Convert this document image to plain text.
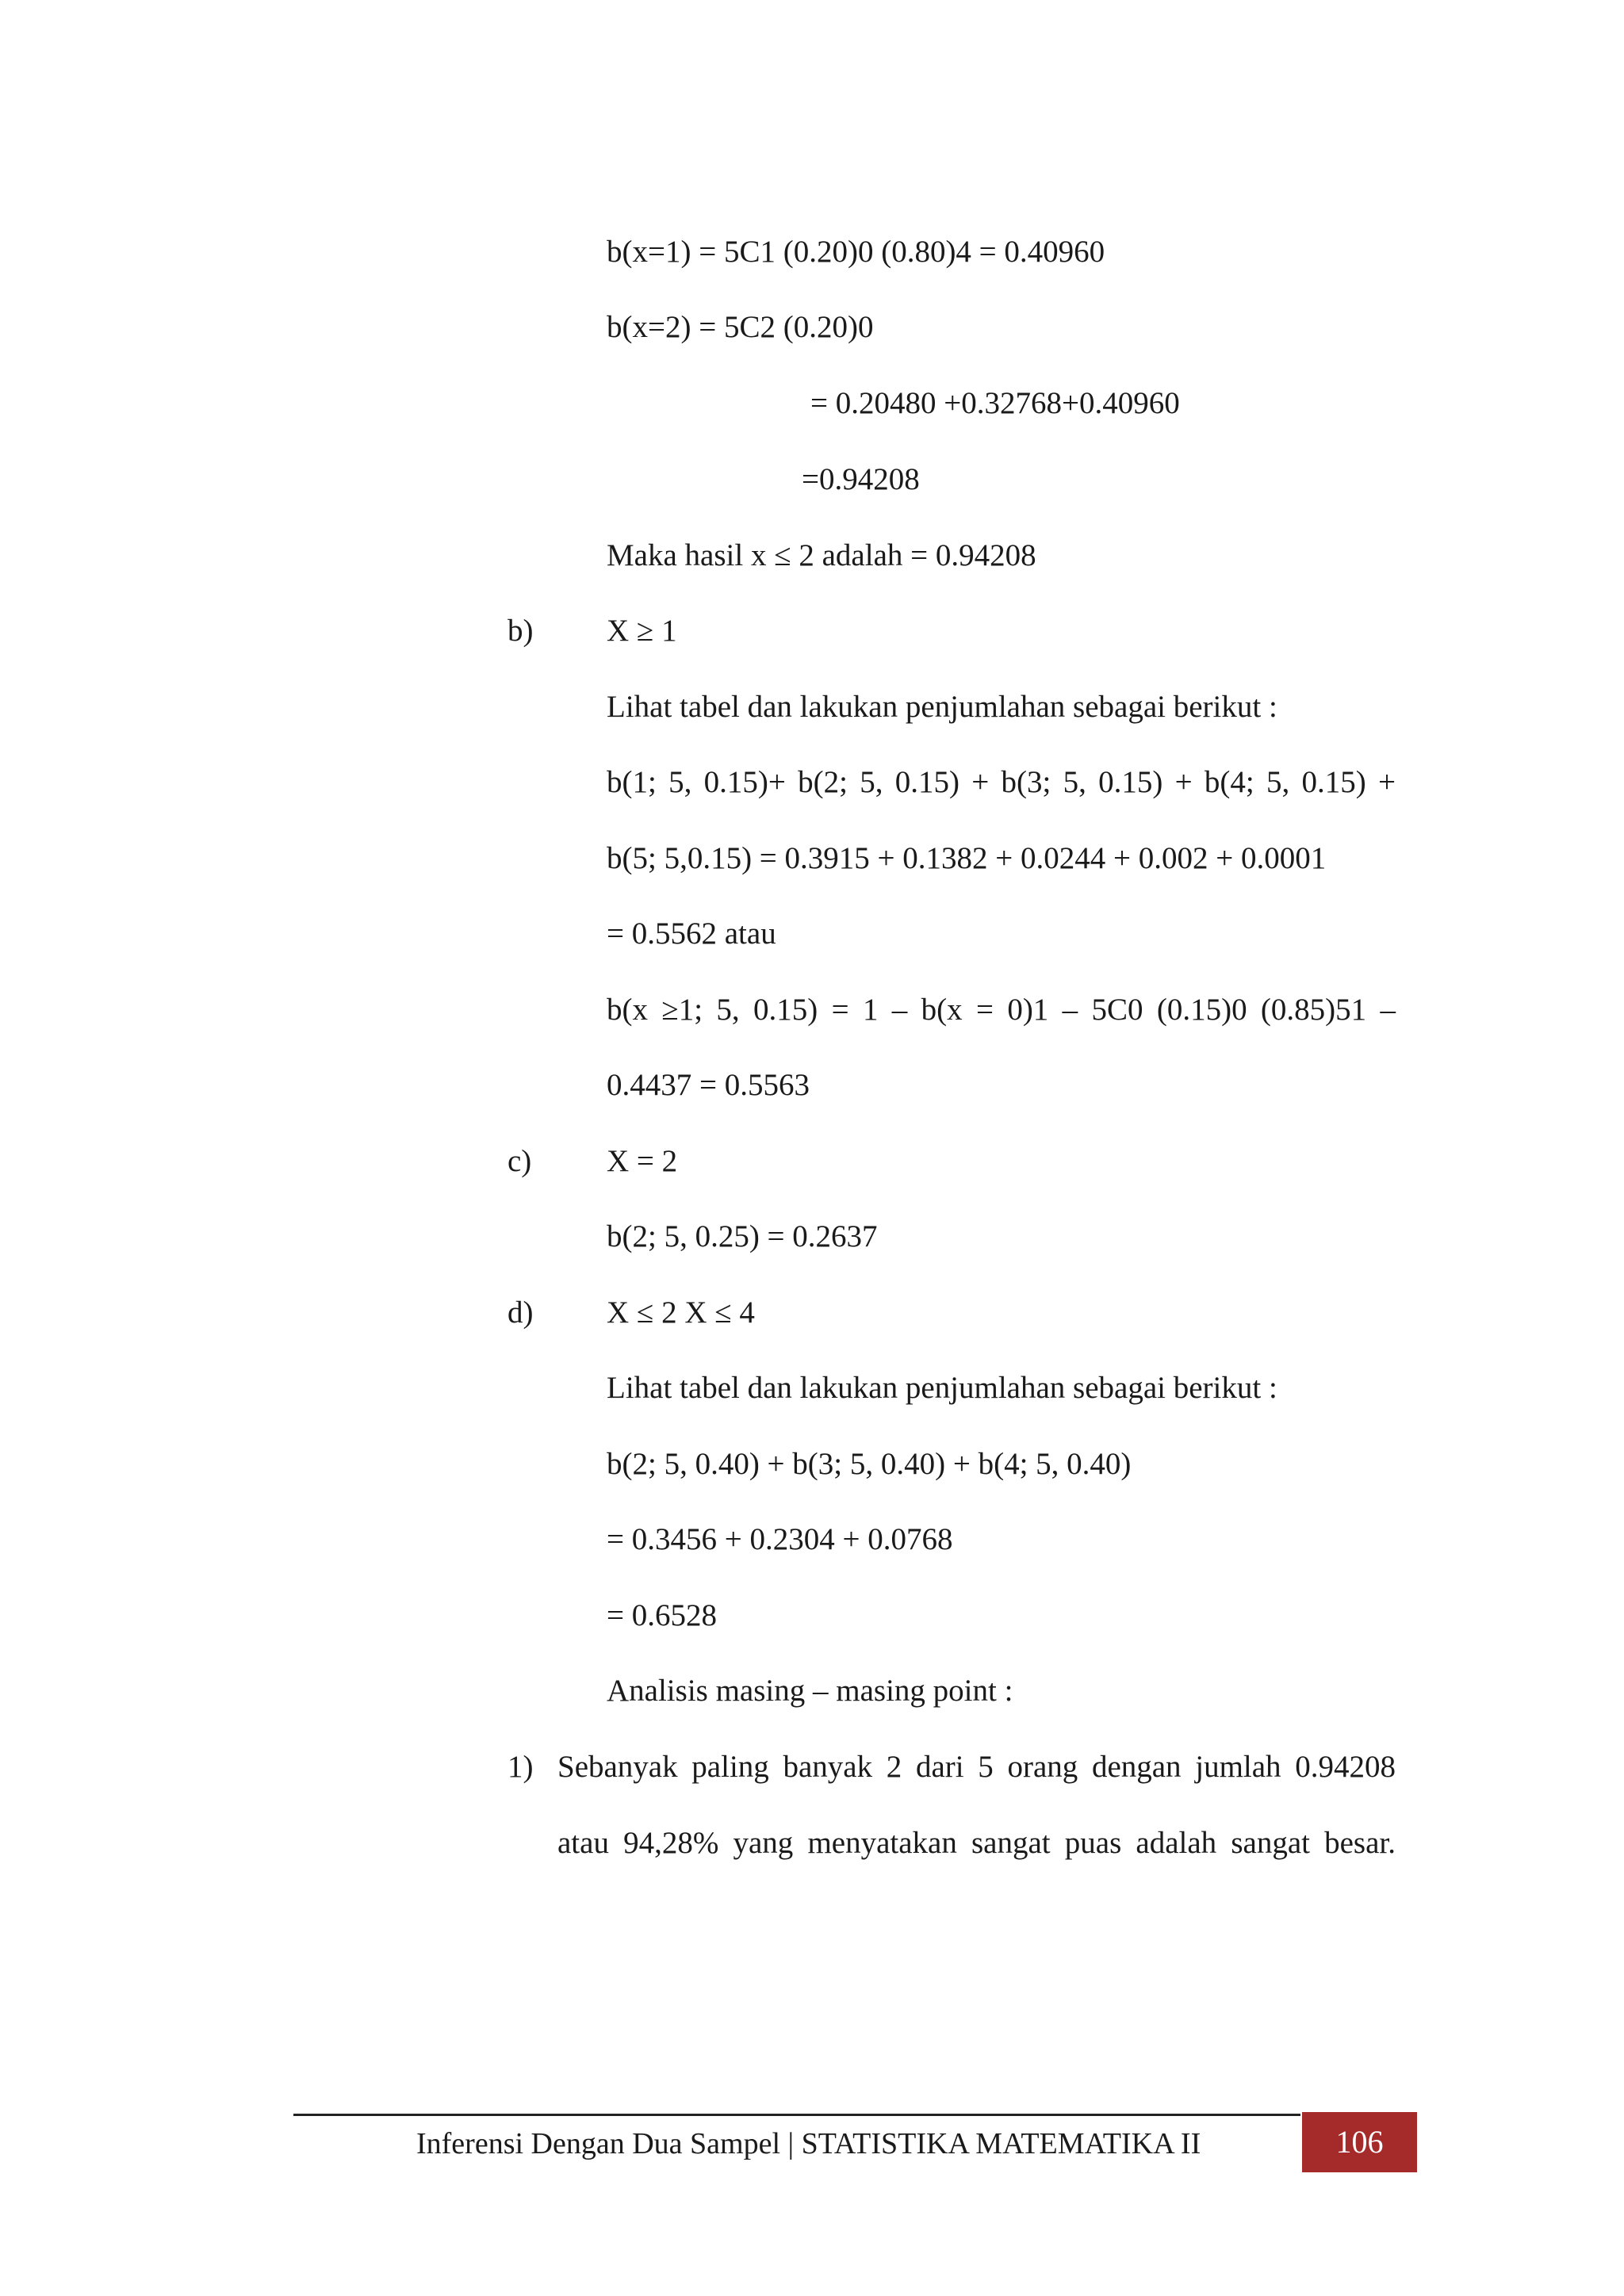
b(x=1) = 5C1 (0.20)0 (0.80)4 = 0.40960
b(x=2) = 5C2 (0.20)0
= 0.20480 +0.32768+0.40960
=0.94208
Maka hasil x ≤ 2 adalah = 0.94208
b) X ≥ 1
Lihat tabel dan lakukan penjumlahan sebagai berikut :
b(1; 5, 0.15)+ b(2; 5, 0.15) + b(3; 5, 0.15) + b(4; 5, 0.15) +
b(5; 5,0.15) = 0.3915 + 0.1382 + 0.0244 + 0.002 + 0.0001
= 0.5562 atau
b(x ≥1; 5, 0.15) = 1 – b(x = 0)1 – 5C0 (0.15)0 (0.85)51 –
0.4437 = 0.5563
c) X = 2
b(2; 5, 0.25) = 0.2637
d) X ≤ 2 X ≤ 4
Lihat tabel dan lakukan penjumlahan sebagai berikut :
b(2; 5, 0.40) + b(3; 5, 0.40) + b(4; 5, 0.40)
= 0.3456 + 0.2304 + 0.0768
= 0.6528
Analisis masing – masing point :
1) Sebanyak paling banyak 2 dari 5 orang dengan jumlah 0.94208
atau 94,28% yang menyatakan sangat puas adalah sangat besar.
Inferensi Dengan Dua Sampel | STATISTIKA MATEMATIKA II	106
